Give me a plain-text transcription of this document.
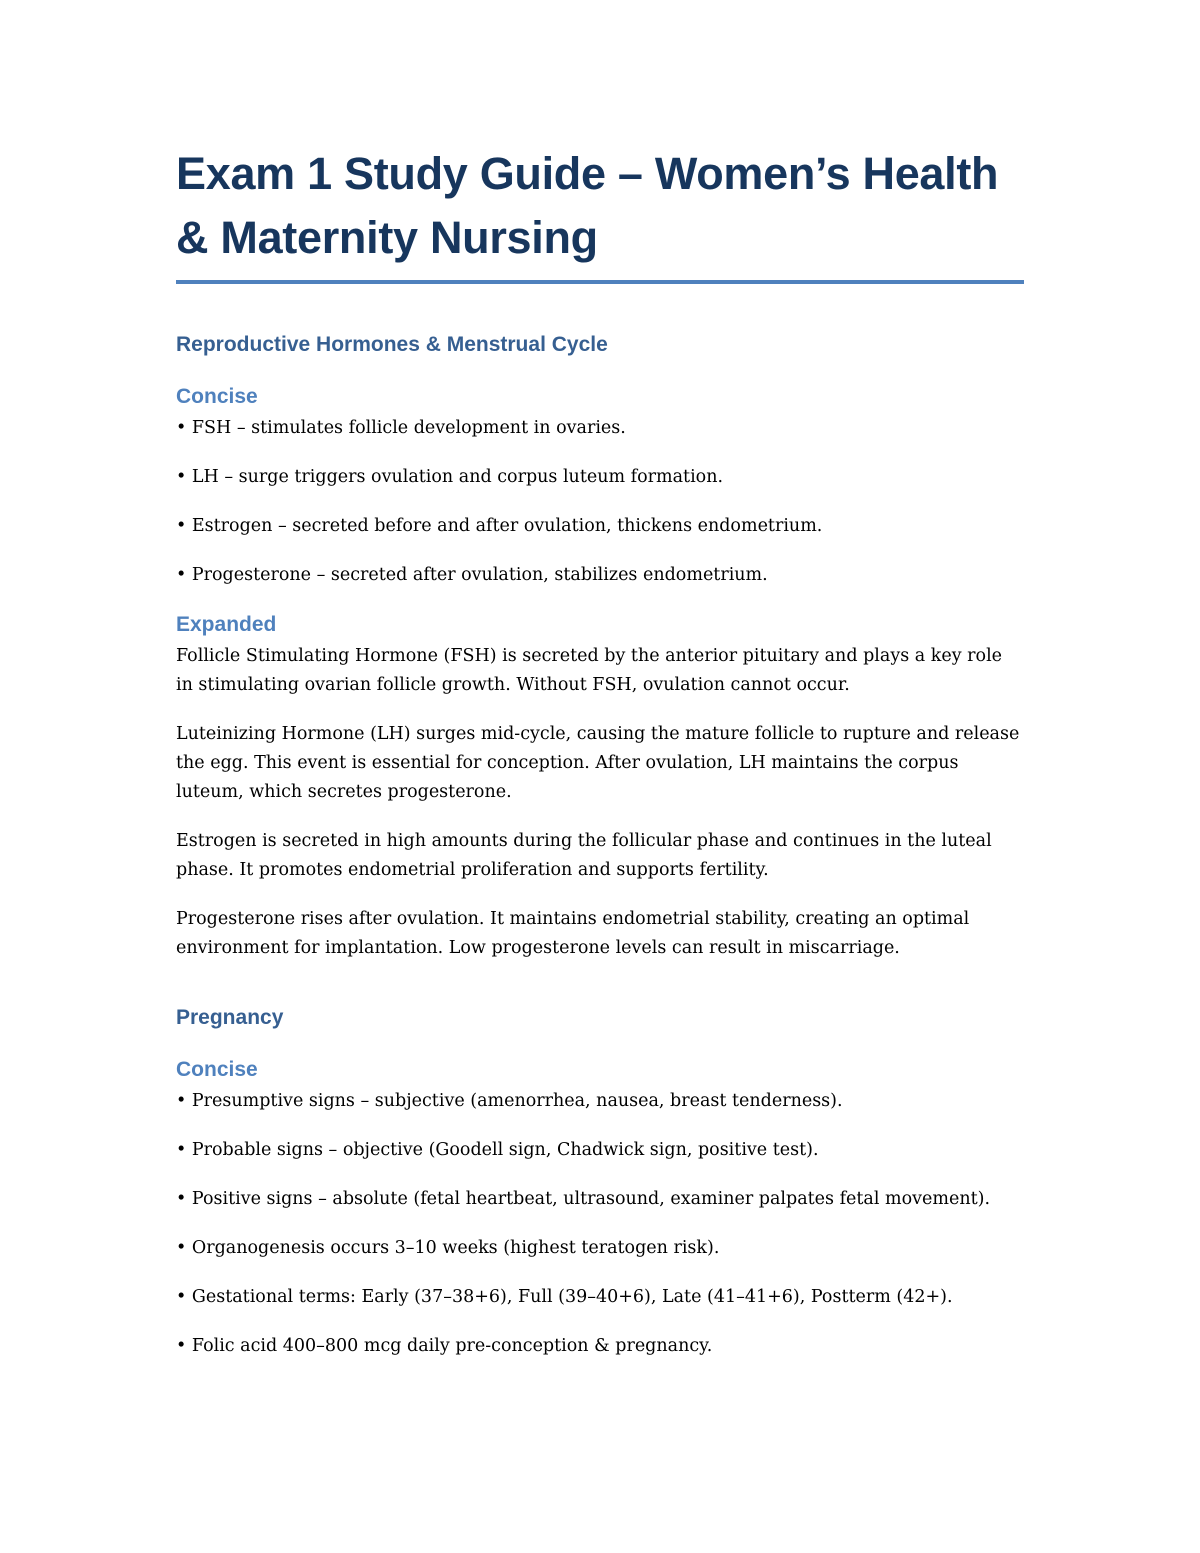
Exam 1 Study Guide – Women’s Health & Maternity Nursing
Reproductive Hormones & Menstrual Cycle
Concise
• FSH – stimulates follicle development in ovaries.
• LH – surge triggers ovulation and corpus luteum formation.
• Estrogen – secreted before and after ovulation, thickens endometrium.
• Progesterone – secreted after ovulation, stabilizes endometrium.
Expanded

Follicle Stimulating Hormone (FSH) is secreted by the anterior pituitary and plays a key role in stimulating ovarian follicle growth. Without FSH, ovulation cannot occur.

Luteinizing Hormone (LH) surges mid-cycle, causing the mature follicle to rupture and release the egg. This event is essential for conception. After ovulation, LH maintains the corpus luteum, which secretes progesterone.

Estrogen is secreted in high amounts during the follicular phase and continues in the luteal phase. It promotes endometrial proliferation and supports fertility.

Progesterone rises after ovulation. It maintains endometrial stability, creating an optimal environment for implantation. Low progesterone levels can result in miscarriage.

Pregnancy
Concise
• Presumptive signs – subjective (amenorrhea, nausea, breast tenderness).
• Probable signs – objective (Goodell sign, Chadwick sign, positive test).
• Positive signs – absolute (fetal heartbeat, ultrasound, examiner palpates fetal movement).
• Organogenesis occurs 3–10 weeks (highest teratogen risk).
• Gestational terms: Early (37–38+6), Full (39–40+6), Late (41–41+6), Postterm (42+).
• Folic acid 400–800 mcg daily pre-conception & pregnancy.
